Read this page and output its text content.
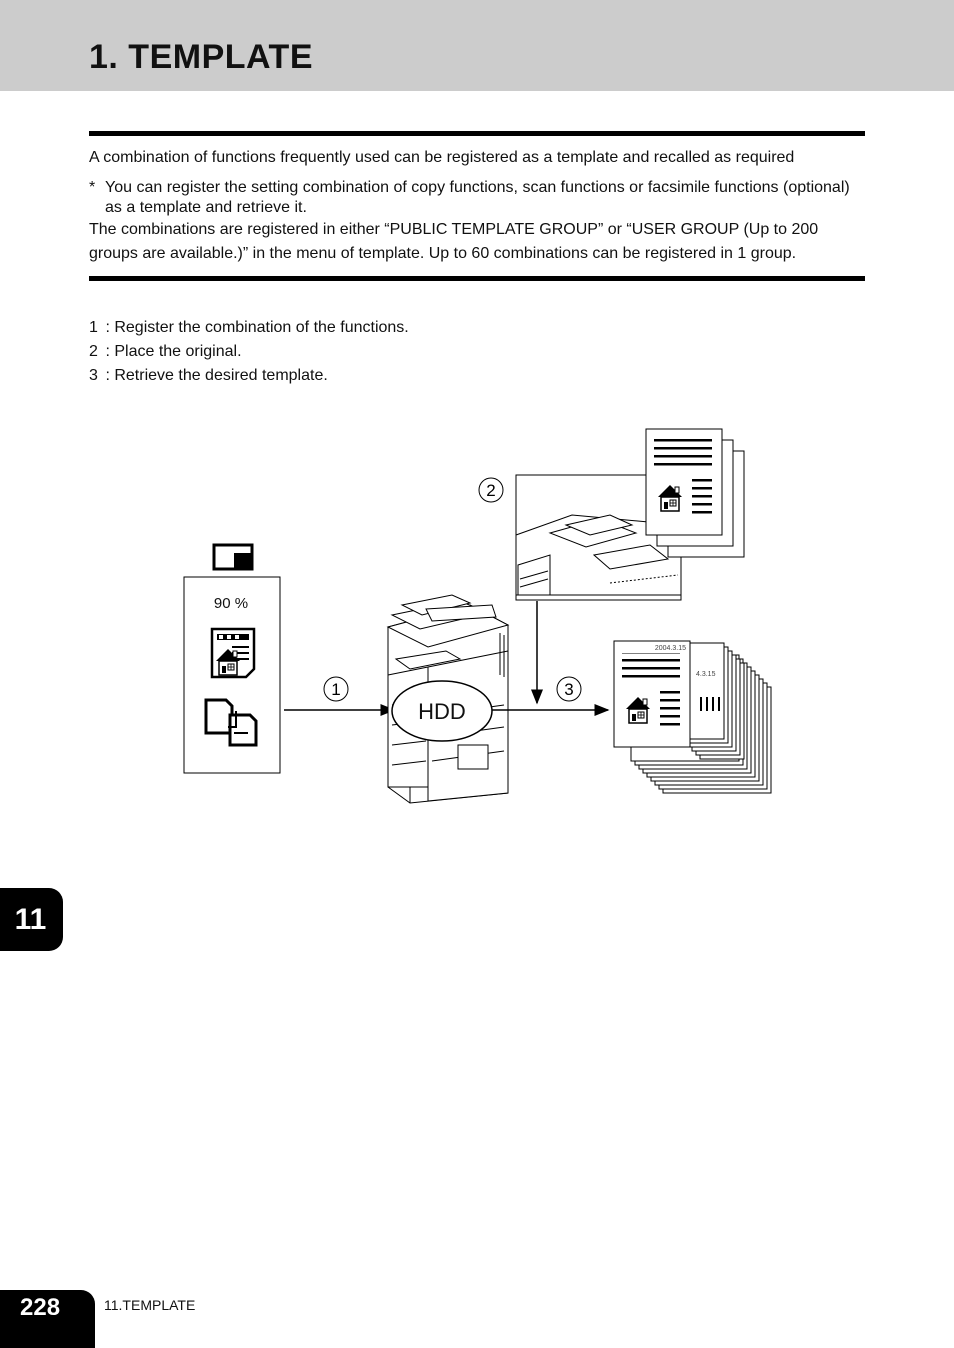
1. TEMPLATE

A combination of functions frequently used can be registered as a template and recalled as required

* You can register the setting combination of copy functions, scan functions or facsimile functions (optional) as a template and retrieve it.

The combinations are registered in either “PUBLIC TEMPLATE GROUP” or “USER GROUP (Up to 200 groups are available.)” in the menu of template. Up to 60 combinations can be registered in 1 group.

1 : Register the combination of the functions.
2 : Place the original.
3 : Retrieve the desired template.
90 %
1
HDD
3
2
4.3.15
2004.3.15
11
228	11.TEMPLATE
